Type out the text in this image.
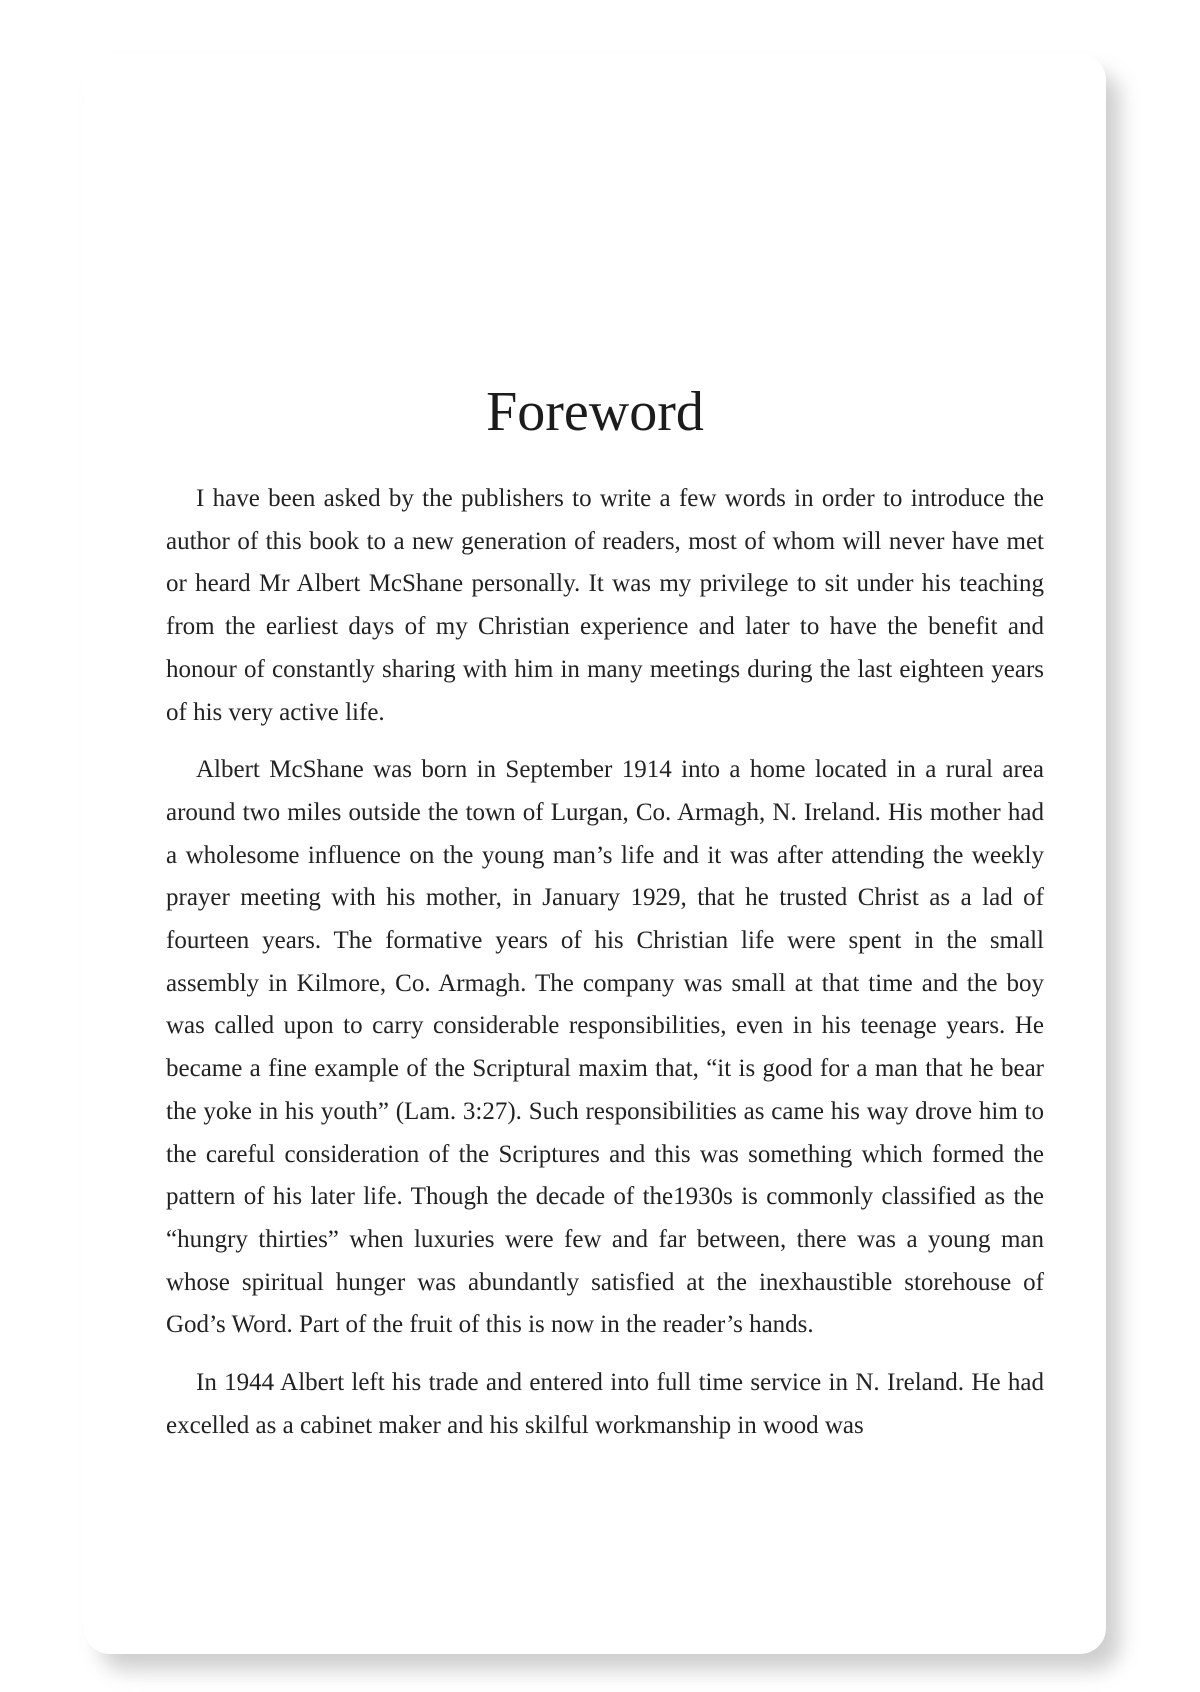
Foreword

I have been asked by the publishers to write a few words in order to introduce the author of this book to a new generation of readers, most of whom will never have met or heard Mr Albert McShane personally. It was my privilege to sit under his teaching from the earliest days of my Christian experience and later to have the benefit and honour of constantly sharing with him in many meetings during the last eighteen years of his very active life.

Albert McShane was born in September 1914 into a home located in a rural area around two miles outside the town of Lurgan, Co. Armagh, N. Ireland. His mother had a wholesome influence on the young man’s life and it was after attending the weekly prayer meeting with his mother, in January 1929, that he trusted Christ as a lad of fourteen years. The formative years of his Christian life were spent in the small assembly in Kilmore, Co. Armagh. The company was small at that time and the boy was called upon to carry considerable responsibilities, even in his teenage years. He became a fine example of the Scriptural maxim that, “it is good for a man that he bear the yoke in his youth” (Lam. 3:27). Such responsibilities as came his way drove him to the careful consideration of the Scriptures and this was something which formed the pattern of his later life. Though the decade of the1930s is commonly classified as the “hungry thirties” when luxuries were few and far between, there was a young man whose spiritual hunger was abundantly satisfied at the inexhaustible storehouse of God’s Word. Part of the fruit of this is now in the reader’s hands.

In 1944 Albert left his trade and entered into full time service in N. Ireland. He had excelled as a cabinet maker and his skilful workmanship in wood was
